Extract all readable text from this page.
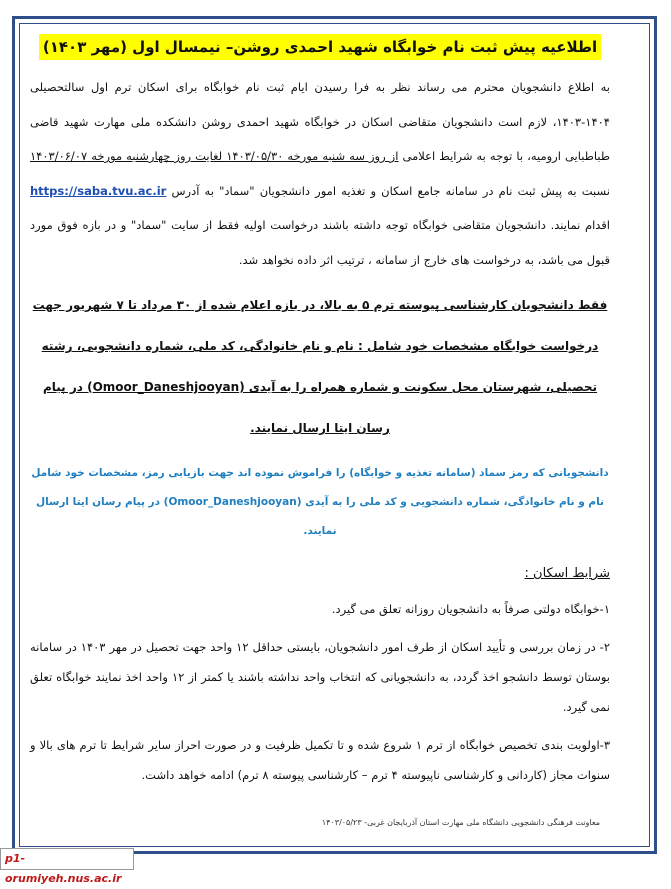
اطلاعیه پیش ثبت نام خوابگاه شهید احمدی روشن– نیمسال اول (مهر ۱۴۰۳)

به اطلاع دانشجویان محترم می رساند نظر به فرا رسیدن ایام ثبت نام خوابگاه برای اسکان ترم اول سالتحصیلی ۱۴۰۴-۱۴۰۳، لازم است دانشجویان متقاضی اسکان در خوابگاه شهید احمدی روشن دانشکده ملی مهارت شهید قاضی طباطبایی ارومیه، با توجه به شرایط اعلامی از روز سه شنبه مورخه ۱۴۰۳/۰۵/۳۰ لغایت روز چهارشنبه مورخه ۱۴۰۳/۰۶/۰۷ نسبت به پیش ثبت نام در سامانه جامع اسکان و تغذیه امور دانشجویان "سماد" به آدرس https://saba.tvu.ac.ir اقدام نمایند. دانشجویان متقاضی خوابگاه توجه داشته باشند درخواست اولیه فقط از سایت "سماد" و در بازه فوق مورد قبول می باشد، به درخواست های خارج از سامانه ، ترتیب اثر داده نخواهد شد.

فقط دانشجویان کارشناسی پیوسته ترم ۵ به بالا، در بازه اعلام شده از ۳۰ مرداد تا ۷ شهریور جهت درخواست خوابگاه مشخصات خود شامل : نام و نام خانوادگی، کد ملی، شماره دانشجویی، رشته تحصیلی، شهرستان محل سکونت و شماره همراه را به آیدی (Omoor_Daneshjooyan) در پیام رسان ایتا ارسال نمایند.

دانشجویانی که رمز سماد (سامانه تغذیه و خوابگاه) را فراموش نموده اند جهت بازیابی رمز، مشخصات خود شامل نام و نام خانوادگی، شماره دانشجویی و کد ملی را به آیدی (Omoor_Daneshjooyan) در پیام رسان ایتا ارسال نمایند.

شرایط اسکان :

۱-خوابگاه دولتی صرفاً به دانشجویان روزانه تعلق می گیرد.

۲- در زمان بررسی و تأیید اسکان از طرف امور دانشجویان، بایستی حداقل ۱۲ واحد جهت تحصیل در مهر ۱۴۰۳ در سامانه بوستان توسط دانشجو اخذ گردد، به دانشجویانی که انتخاب واحد نداشته باشند یا کمتر از ۱۲ واحد اخذ نمایند خوابگاه تعلق نمی گیرد.

۳-اولویت بندی تخصیص خوابگاه از ترم ۱ شروع شده و تا تکمیل ظرفیت و در صورت احراز سایر شرایط تا ترم های بالا و سنوات مجاز (کاردانی و کارشناسی ناپیوسته ۴ ترم – کارشناسی پیوسته ۸ ترم) ادامه خواهد داشت.

معاونت فرهنگی دانشجویی دانشگاه ملی مهارت استان آذربایجان غربی- ۱۴۰۳/۰۵/۲۳
p1-orumiyeh.nus.ac.ir
